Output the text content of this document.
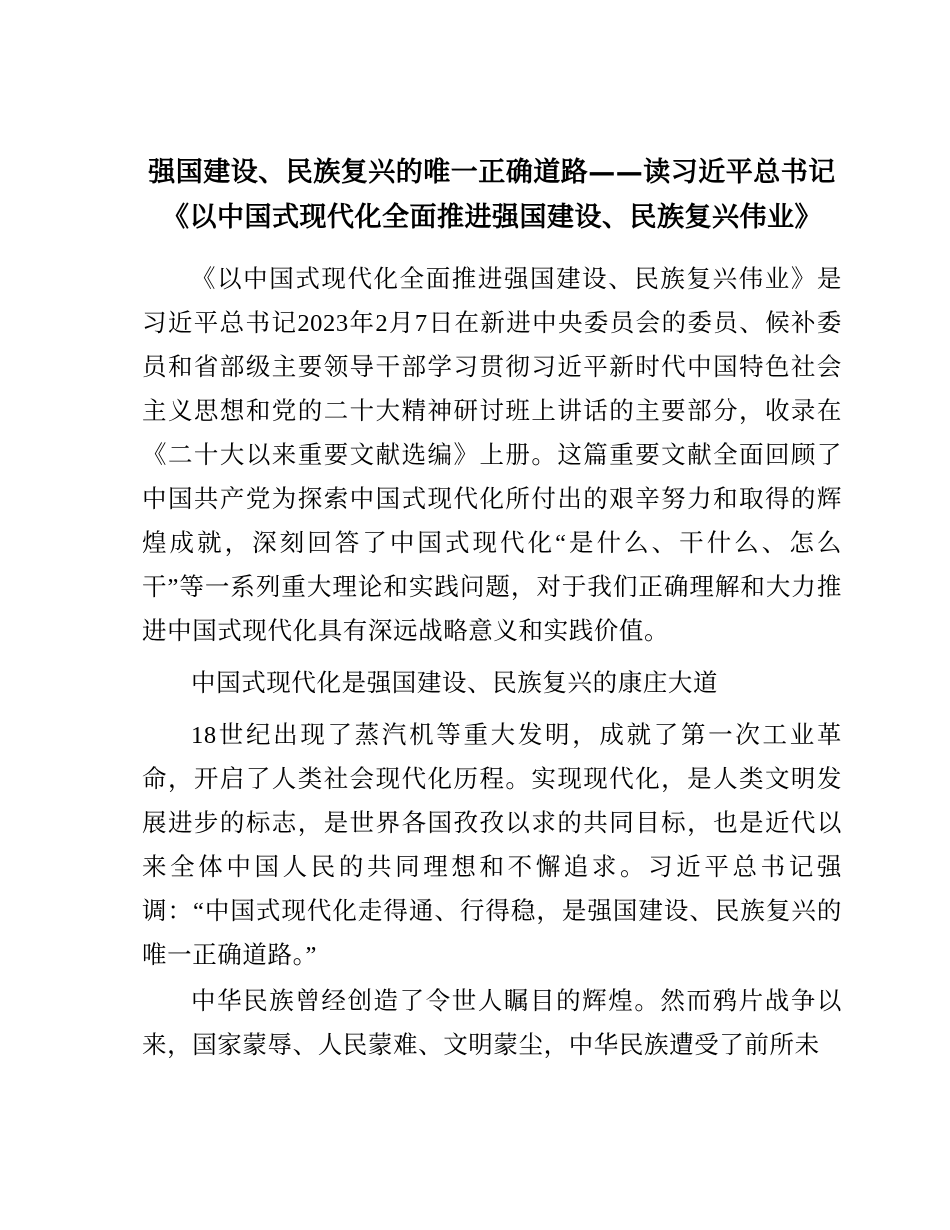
强国建设、民族复兴的唯一正确道路——读习近平总书记《以中国式现代化全面推进强国建设、民族复兴伟业》

《以中国式现代化全面推进强国建设、民族复兴伟业》是习近平总书记2023年2月7日在新进中央委员会的委员、候补委员和省部级主要领导干部学习贯彻习近平新时代中国特色社会主义思想和党的二十大精神研讨班上讲话的主要部分，收录在《二十大以来重要文献选编》上册。这篇重要文献全面回顾了中国共产党为探索中国式现代化所付出的艰辛努力和取得的辉煌成就，深刻回答了中国式现代化“是什么、干什么、怎么干”等一系列重大理论和实践问题，对于我们正确理解和大力推进中国式现代化具有深远战略意义和实践价值。

中国式现代化是强国建设、民族复兴的康庄大道

18世纪出现了蒸汽机等重大发明，成就了第一次工业革命，开启了人类社会现代化历程。实现现代化，是人类文明发展进步的标志，是世界各国孜孜以求的共同目标，也是近代以来全体中国人民的共同理想和不懈追求。习近平总书记强调：“中国式现代化走得通、行得稳，是强国建设、民族复兴的唯一正确道路。”

中华民族曾经创造了令世人瞩目的辉煌。然而鸦片战争以来，国家蒙辱、人民蒙难、文明蒙尘，中华民族遭受了前所未
